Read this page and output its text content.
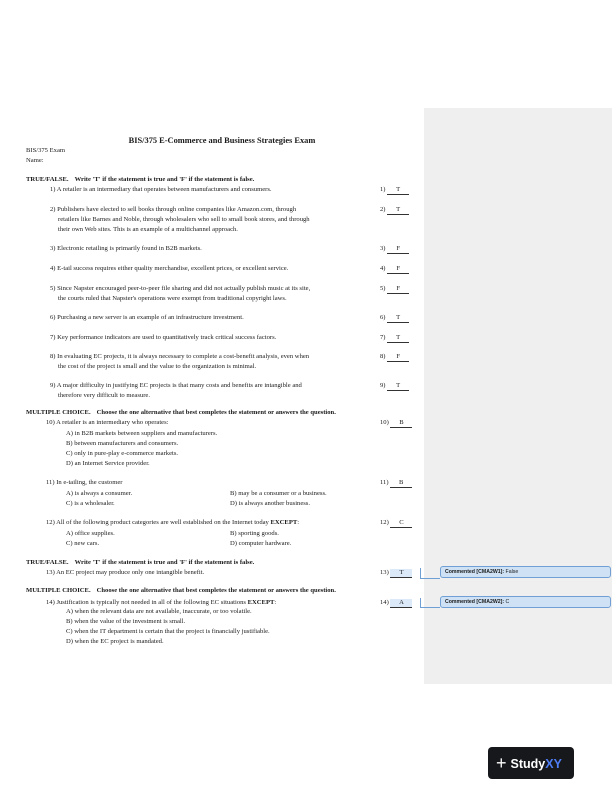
BIS/375 E-Commerce and Business Strategies Exam
BIS/375 Exam
Name:
TRUE/FALSE. Write 'T' if the statement is true and 'F' if the statement is false.
1) A retailer is an intermediary that operates between manufacturers and consumers.	1) T
2) Publishers have elected to sell books through online companies like Amazon.com, through
retailers like Barnes and Noble, through wholesalers who sell to small book stores, and through
their own Web sites. This is an example of a multichannel approach.
2) T
3) Electronic retailing is primarily found in B2B markets.	3) F
4) E-tail success requires either quality merchandise, excellent prices, or excellent service.	4) F
5) Since Napster encouraged peer-to-peer file sharing and did not actually publish music at its site,
the courts ruled that Napster's operations were exempt from traditional copyright laws.
5) F
6) Purchasing a new server is an example of an infrastructure investment.	6) T
7) Key performance indicators are used to quantitatively track critical success factors.	7) T
8) In evaluating EC projects, it is always necessary to complete a cost-benefit analysis, even when
the cost of the project is small and the value to the organization is minimal.
8) F
9) A major difficulty in justifying EC projects is that many costs and benefits are intangible and
therefore very difficult to measure.
9) T
MULTIPLE CHOICE. Choose the one alternative that best completes the statement or answers the question.
10) A retailer is an intermediary who operates:	10) B
A) in B2B markets between suppliers and manufacturers.
B) between manufacturers and consumers.
C) only in pure-play e-commerce markets.
D) an Internet Service provider.
11) In e-tailing, the customer	11) B
A) is always a consumer.	B) may be a consumer or a business.
C) is a wholesaler.	D) is always another business.
12) All of the following product categories are well established on the Internet today EXCEPT:	12) C
A) office supplies.	B) sporting goods.
C) new cars.	D) computer hardware.
TRUE/FALSE. Write 'T' if the statement is true and 'F' if the statement is false.
13) An EC project may produce only one intangible benefit.	13) T
MULTIPLE CHOICE. Choose the one alternative that best completes the statement or answers the question.
14) Justification is typically not needed in all of the following EC situations EXCEPT:	14) A
A) when the relevant data are not available, inaccurate, or too volatile.
B) when the value of the investment is small.
C) when the IT department is certain that the project is financially justifiable.
D) when the EC project is mandated.
Commented [CMA2W1]: False
Commented [CMA2W2]: C
+ StudyXY
